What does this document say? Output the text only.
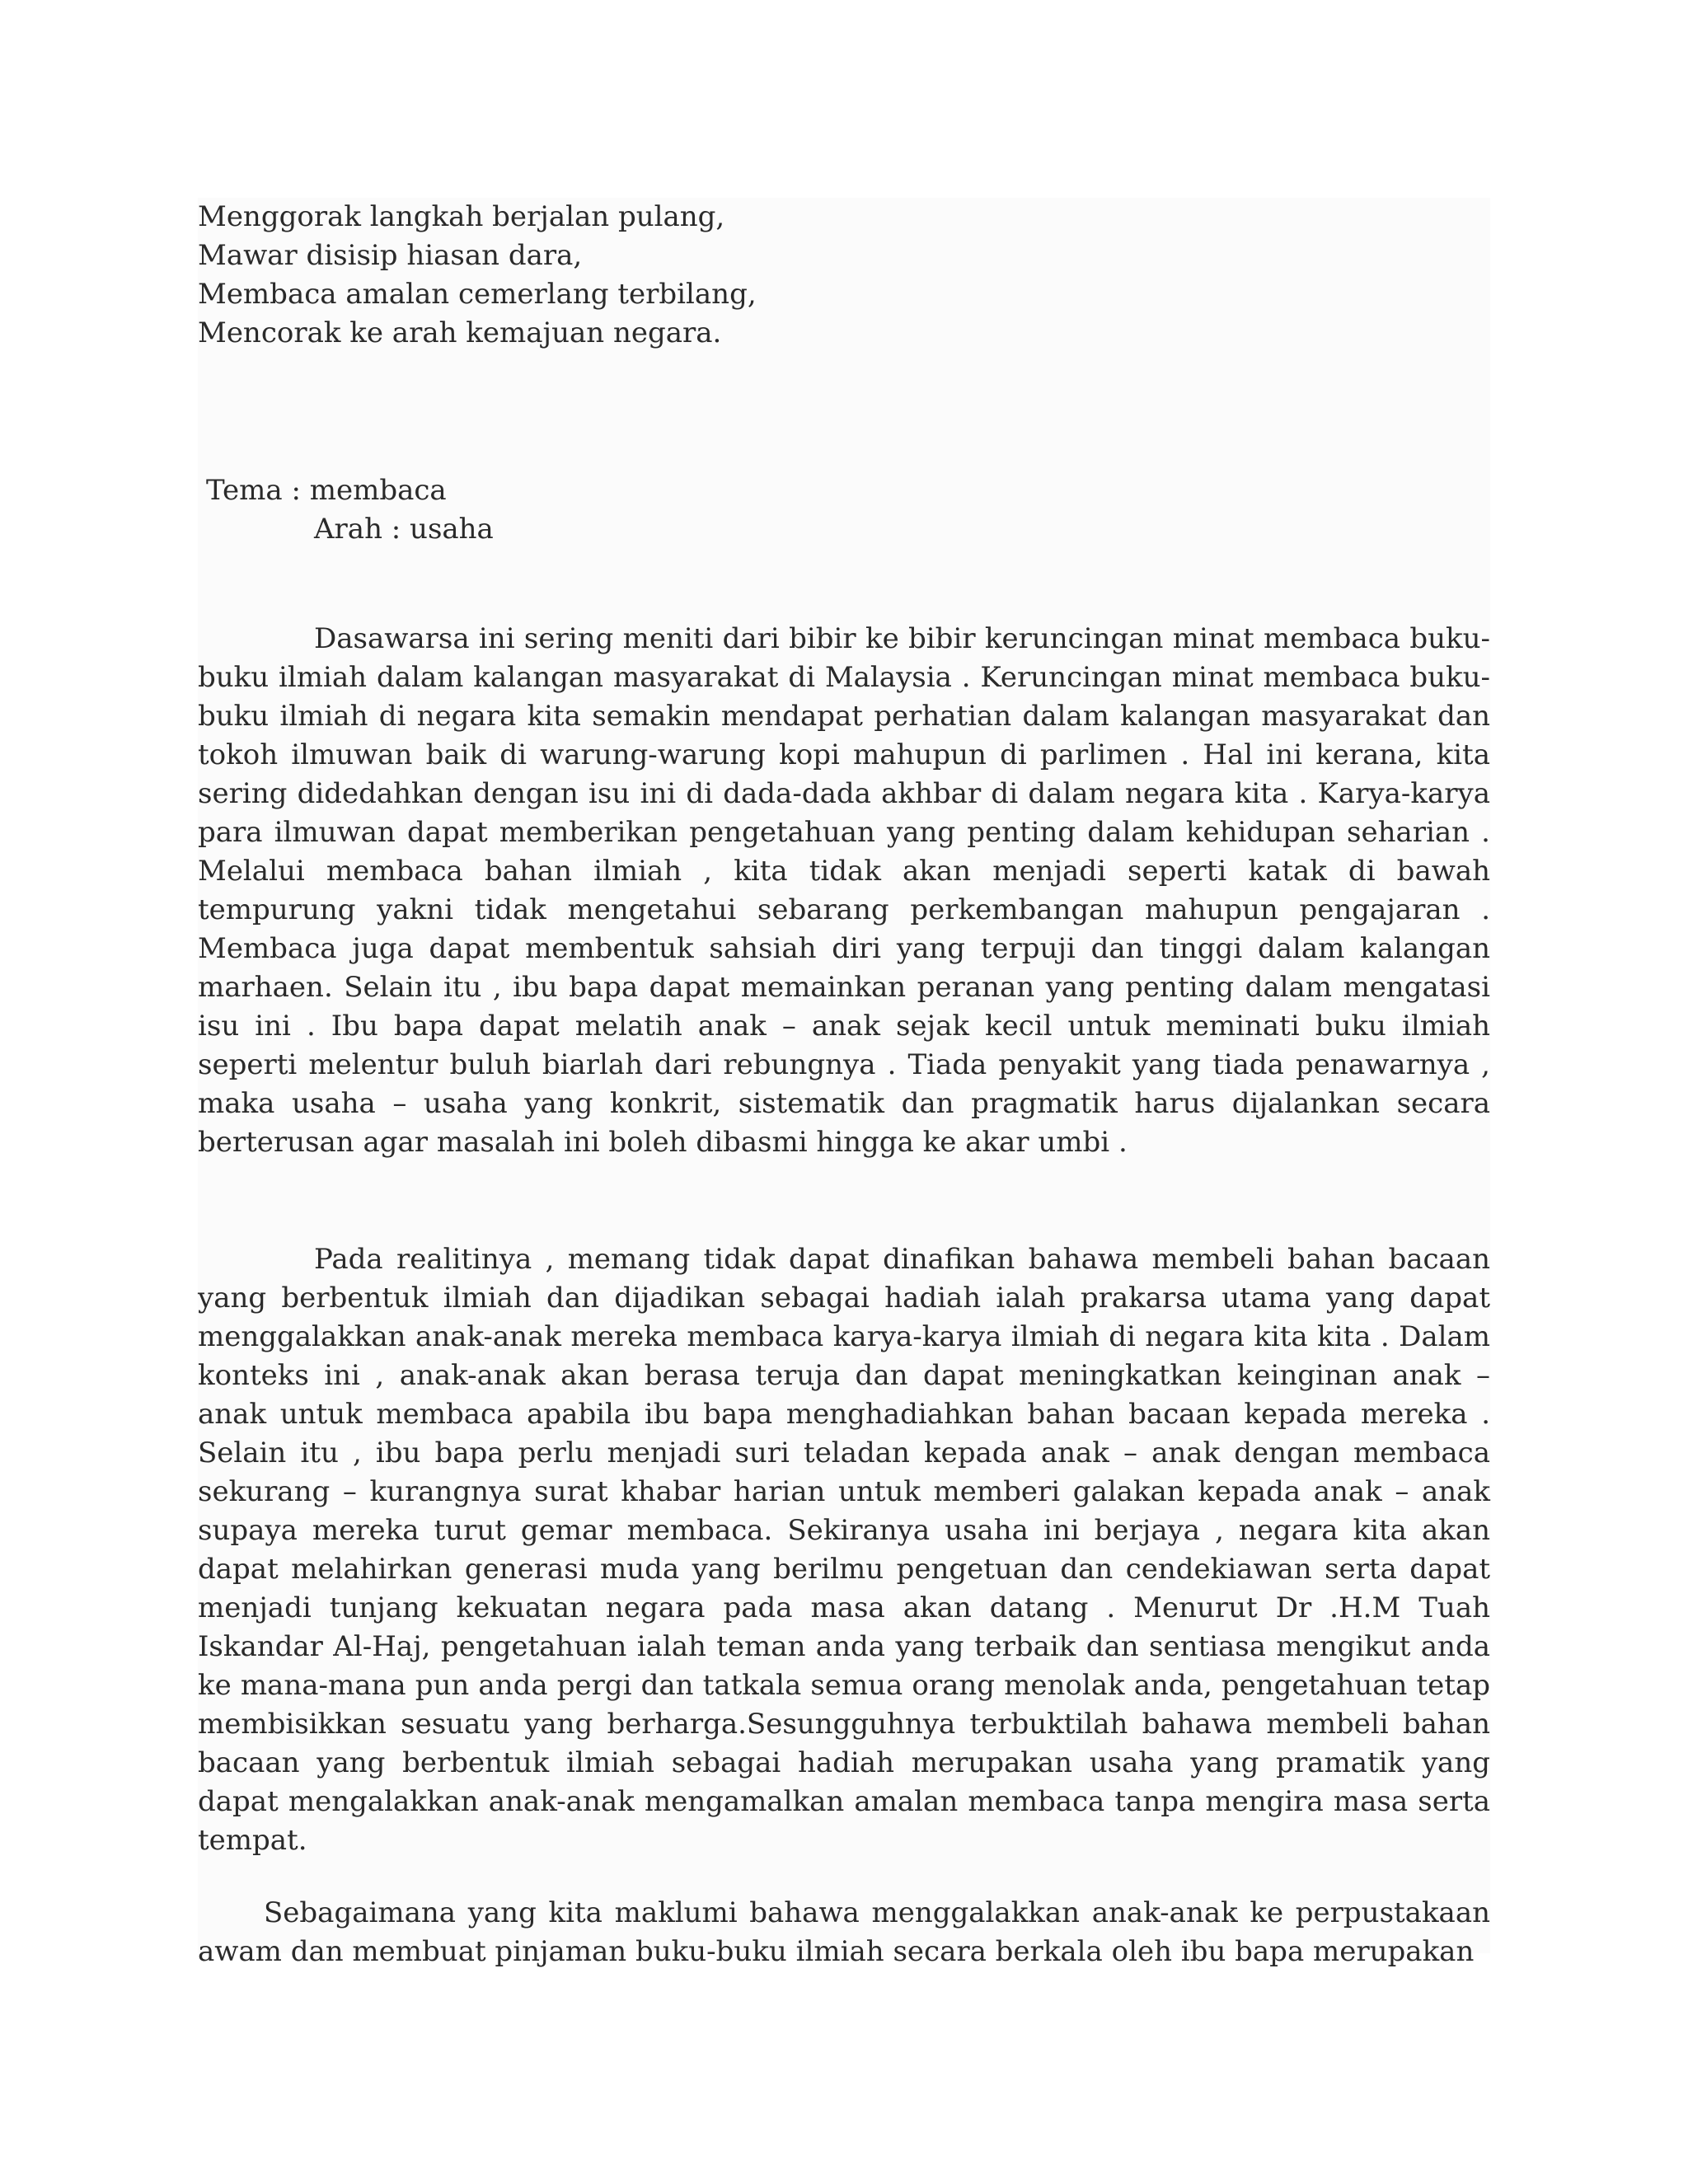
Menggorak langkah berjalan pulang,
Mawar disisip hiasan dara,
Membaca amalan cemerlang terbilang,
Mencorak ke arah kemajuan negara.
Tema : membaca
Arah : usaha

Dasawarsa ini sering meniti dari bibir ke bibir keruncingan minat membaca buku-buku ilmiah dalam kalangan masyarakat di Malaysia . Keruncingan minat membaca buku-buku ilmiah di negara kita semakin mendapat perhatian dalam kalangan masyarakat dan tokoh ilmuwan baik di warung-warung kopi mahupun di parlimen . Hal ini kerana, kita sering didedahkan dengan isu ini di dada-dada akhbar di dalam negara kita . Karya-karya para ilmuwan dapat memberikan pengetahuan yang penting dalam kehidupan seharian . Melalui membaca bahan ilmiah , kita tidak akan menjadi seperti katak di bawah tempurung yakni tidak mengetahui sebarang perkembangan mahupun pengajaran . Membaca juga dapat membentuk sahsiah diri yang terpuji dan tinggi dalam kalangan marhaen. Selain itu , ibu bapa dapat memainkan peranan yang penting dalam mengatasi isu ini . Ibu bapa dapat melatih anak – anak sejak kecil untuk meminati buku ilmiah seperti melentur buluh biarlah dari rebungnya . Tiada penyakit yang tiada penawarnya , maka usaha – usaha yang konkrit, sistematik dan pragmatik harus dijalankan secara berterusan agar masalah ini boleh dibasmi hingga ke akar umbi .

Pada realitinya , memang tidak dapat dinafikan bahawa membeli bahan bacaan yang berbentuk ilmiah dan dijadikan sebagai hadiah ialah prakarsa utama yang dapat menggalakkan anak-anak mereka membaca karya-karya ilmiah di negara kita kita . Dalam konteks ini , anak-anak akan berasa teruja dan dapat meningkatkan keinginan anak – anak untuk membaca apabila ibu bapa menghadiahkan bahan bacaan kepada mereka . Selain itu , ibu bapa perlu menjadi suri teladan kepada anak – anak dengan membaca sekurang – kurangnya surat khabar harian untuk memberi galakan kepada anak – anak supaya mereka turut gemar membaca. Sekiranya usaha ini berjaya , negara kita akan dapat melahirkan generasi muda yang berilmu pengetuan dan cendekiawan serta dapat menjadi tunjang kekuatan negara pada masa akan datang . Menurut Dr .H.M Tuah Iskandar Al-Haj, pengetahuan ialah teman anda yang terbaik dan sentiasa mengikut anda ke mana-mana pun anda pergi dan tatkala semua orang menolak anda, pengetahuan tetap membisikkan sesuatu yang berharga.Sesungguhnya terbuktilah bahawa membeli bahan bacaan yang berbentuk ilmiah sebagai hadiah merupakan usaha yang pramatik yang dapat mengalakkan anak-anak mengamalkan amalan membaca tanpa mengira masa serta tempat.

Sebagaimana yang kita maklumi bahawa menggalakkan anak-anak ke perpustakaan awam dan membuat pinjaman buku-buku ilmiah secara berkala oleh ibu bapa merupakan
